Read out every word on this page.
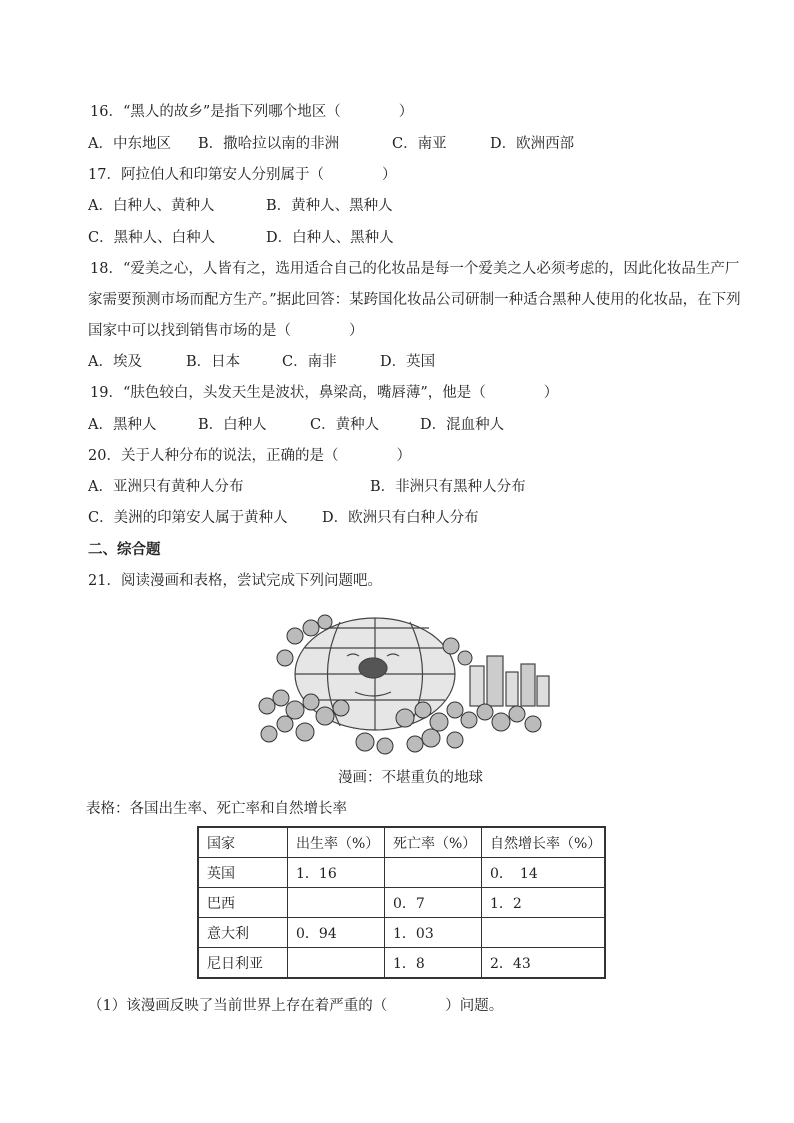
16．“黑人的故乡”是指下列哪个地区（　　　　）
A．中东地区 B．撒哈拉以南的非洲	C．南亚	D．欧洲西部
17．阿拉伯人和印第安人分别属于（　　　　）
A．白种人、黄种人	B．黄种人、黑种人
C．黑种人、白种人	D．白种人、黑种人
18．“爱美之心，人皆有之，选用适合自己的化妆品是每一个爱美之人必须考虑的，因此化妆品生产厂
家需要预测市场而配方生产。”据此回答：某跨国化妆品公司研制一种适合黑种人使用的化妆品，在下列
国家中可以找到销售市场的是（　　　　）
A．埃及	B．日本	C．南非	D．英国
19．“肤色较白，头发天生是波状，鼻梁高，嘴唇薄”，他是（　　　　）
A．黑种人	B．白种人	C．黄种人	D．混血种人
20．关于人种分布的说法，正确的是（　　　　）
A．亚洲只有黄种人分布	B．非洲只有黑种人分布
C．美洲的印第安人属于黄种人 D．欧洲只有白种人分布
二、综合题
21．阅读漫画和表格，尝试完成下列问题吧。
漫画：不堪重负的地球
表格：各国出生率、死亡率和自然增长率
国家	出生率（%）	死亡率（%）	自然增长率（%）
英国	1．16		0．　14
巴西		0．7	1．2
意大利	0．94	1．03	
尼日利亚		1．8	2．43
（1）该漫画反映了当前世界上存在着严重的（　　　　）问题。
